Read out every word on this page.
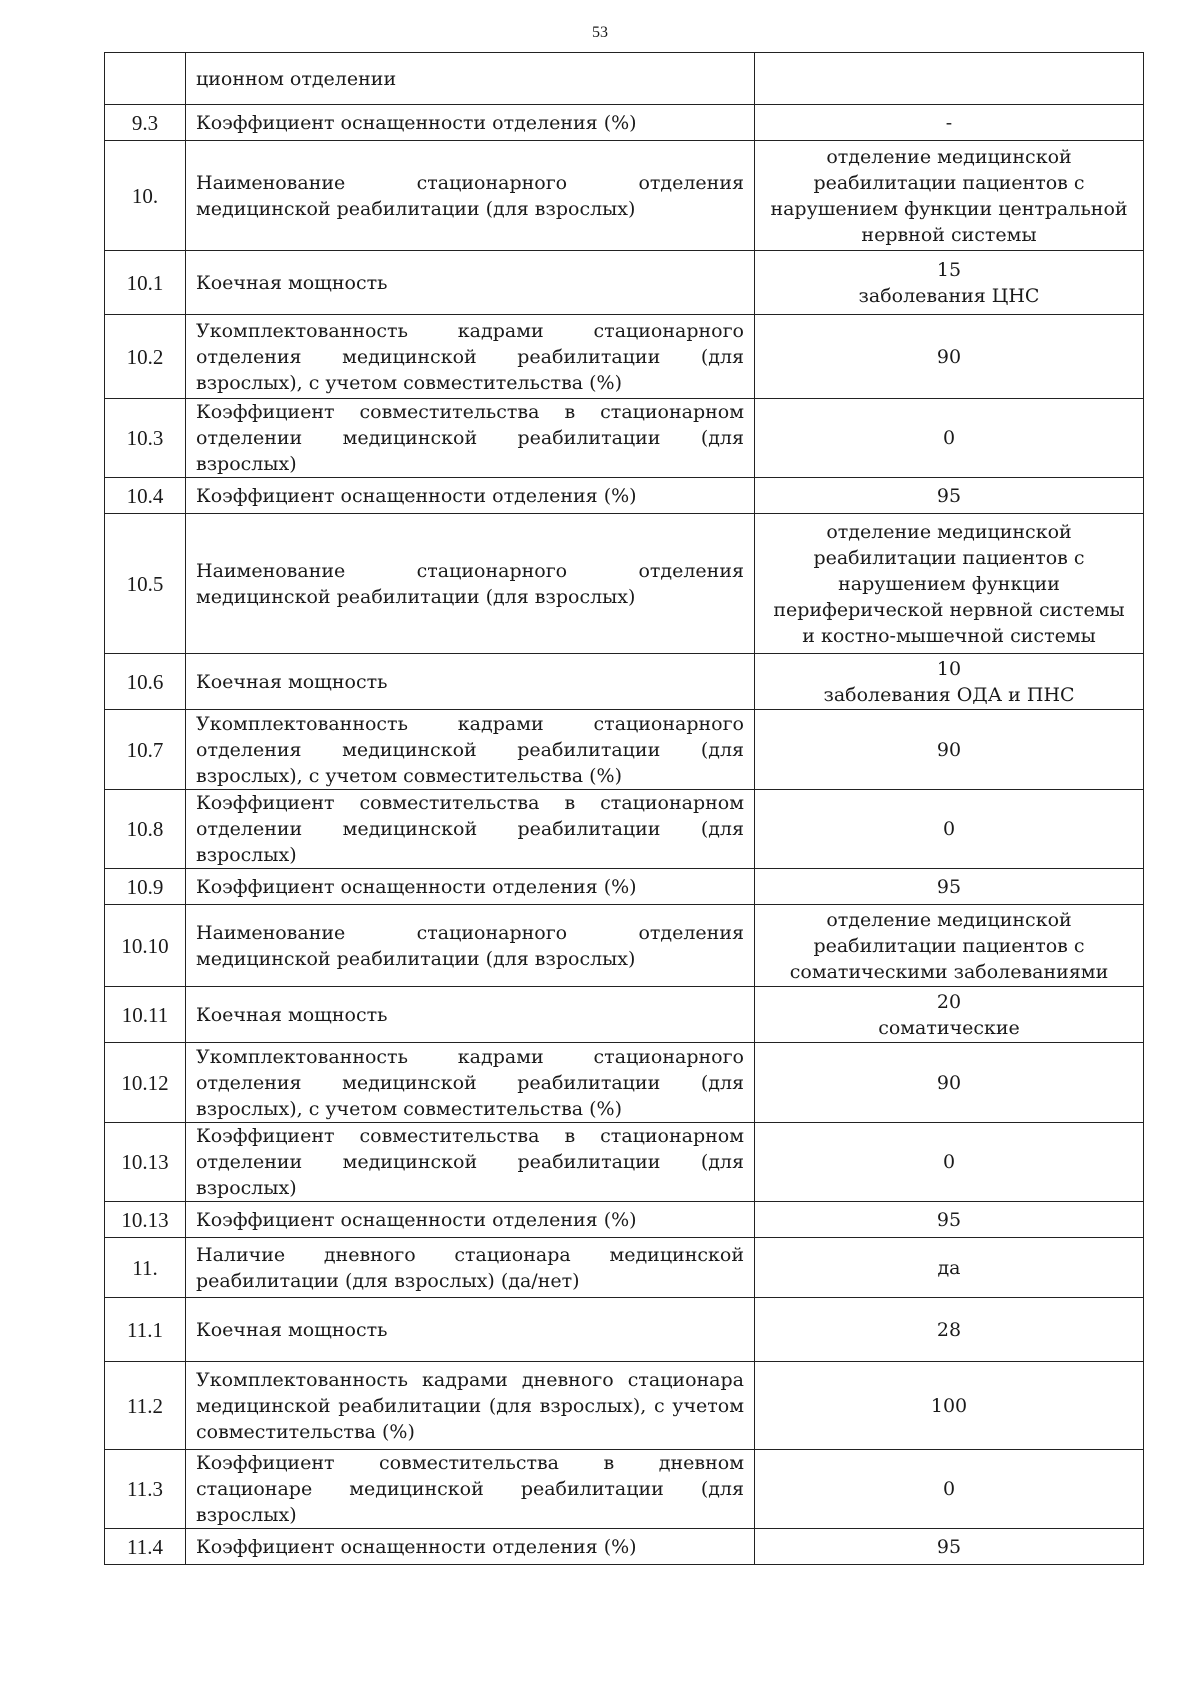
53
	ционном отделении	

9.3	Коэффициент оснащенности отделения (%)	-

10.	Наименование стационарного отделения медицинской реабилитации (для взрослых)	отделение медицинской реабилитации пациентов с нарушением функции центральной нервной системы

10.1	Коечная мощность	15
заболевания ЦНС

10.2	Укомплектованность кадрами стационарного отделения медицинской реабилитации (для взрослых), с учетом совместительства (%)	90

10.3	Коэффициент совместительства в стационарном отделении медицинской реабилитации (для взрослых)	0

10.4	Коэффициент оснащенности отделения (%)	95

10.5	Наименование стационарного отделения медицинской реабилитации (для взрослых)	отделение медицинской реабилитации пациентов с нарушением функции периферической нервной системы и костно-мышечной системы

10.6	Коечная мощность	10
заболевания ОДА и ПНС

10.7	Укомплектованность кадрами стационарного отделения медицинской реабилитации (для взрослых), с учетом совместительства (%)	90

10.8	Коэффициент совместительства в стационарном отделении медицинской реабилитации (для взрослых)	0

10.9	Коэффициент оснащенности отделения (%)	95

10.10	Наименование стационарного отделения медицинской реабилитации (для взрослых)	отделение медицинской реабилитации пациентов с соматическими заболеваниями

10.11	Коечная мощность	20
соматические

10.12	Укомплектованность кадрами стационарного отделения медицинской реабилитации (для взрослых), с учетом совместительства (%)	90

10.13	Коэффициент совместительства в стационарном отделении медицинской реабилитации (для взрослых)	0

10.13	Коэффициент оснащенности отделения (%)	95

11.	Наличие дневного стационара медицинской реабилитации (для взрослых) (да/нет)	да

11.1	Коечная мощность	28

11.2	Укомплектованность кадрами дневного стационара медицинской реабилитации (для взрослых), с учетом совместительства (%)	100

11.3	Коэффициент совместительства в дневном стационаре медицинской реабилитации (для взрослых)	0

11.4	Коэффициент оснащенности отделения (%)	95
